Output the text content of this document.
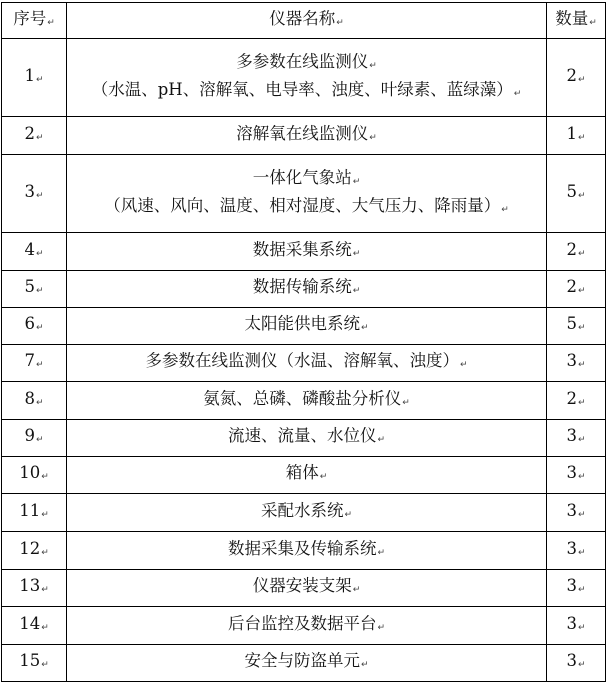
序号↵	仪器名称↵	数量↵
1↵	多参数在线监测仪↵
（水温、pH、溶解氧、电导率、浊度、叶绿素、蓝绿藻）↵	2↵
2↵	溶解氧在线监测仪↵	1↵
3↵	一体化气象站↵
（风速、风向、温度、相对湿度、大气压力、降雨量）↵	5↵
4↵	数据采集系统↵	2↵
5↵	数据传输系统↵	2↵
6↵	太阳能供电系统↵	5↵
7↵	多参数在线监测仪（水温、溶解氧、浊度）↵	3↵
8↵	氨氮、总磷、磷酸盐分析仪↵	2↵
9↵	流速、流量、水位仪↵	3↵
10↵	箱体↵	3↵
11↵	采配水系统↵	3↵
12↵	数据采集及传输系统↵	3↵
13↵	仪器安装支架↵	3↵
14↵	后台监控及数据平台↵	3↵
15↵	安全与防盗单元↵	3↵
